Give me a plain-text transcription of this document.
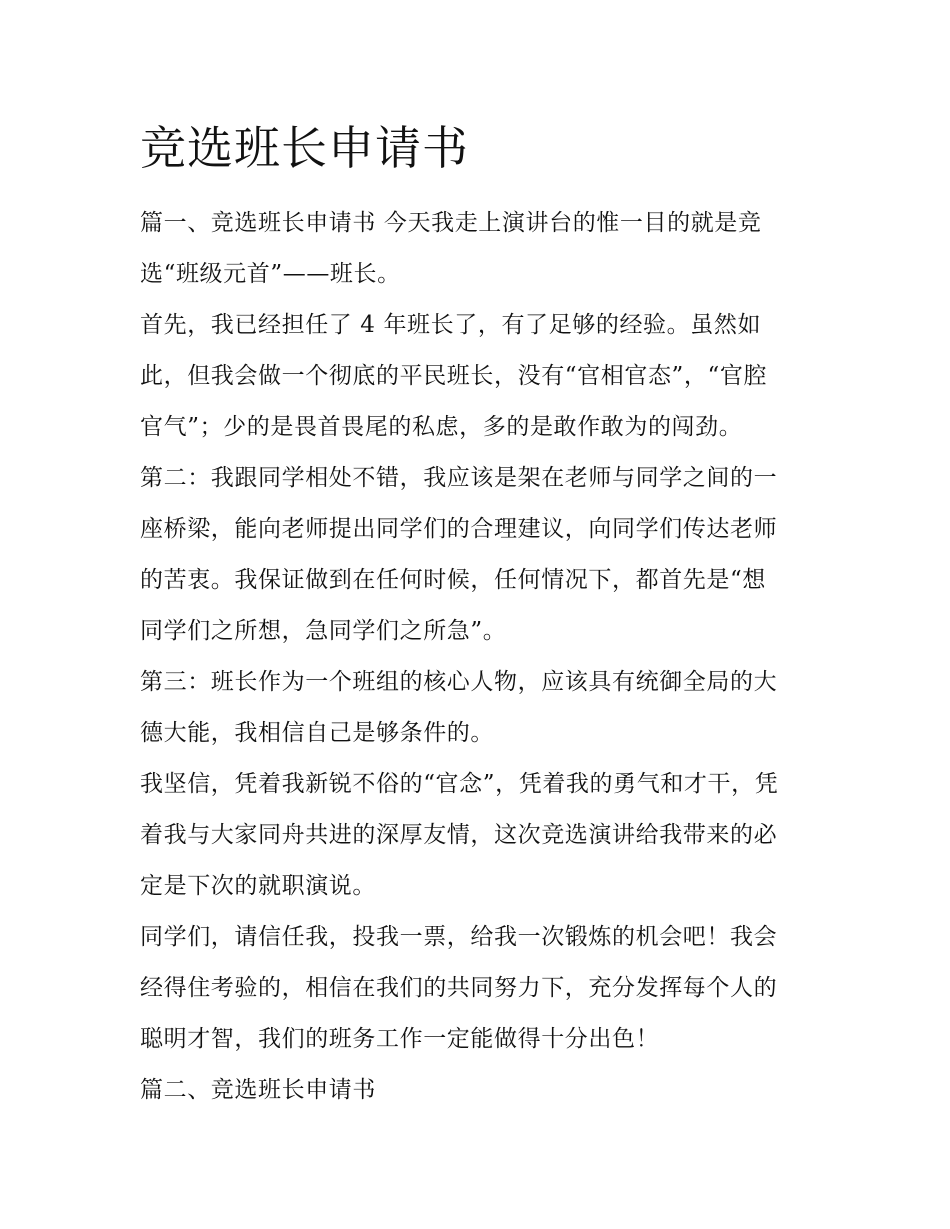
竞选班长申请书
篇一、竞选班长申请书 今天我走上演讲台的惟一目的就是竞
选“班级元首”——班长。
首先，我已经担任了 4 年班长了，有了足够的经验。虽然如
此，但我会做一个彻底的平民班长，没有“官相官态”，“官腔
官气”；少的是畏首畏尾的私虑，多的是敢作敢为的闯劲。
第二：我跟同学相处不错，我应该是架在老师与同学之间的一
座桥梁，能向老师提出同学们的合理建议，向同学们传达老师
的苦衷。我保证做到在任何时候，任何情况下，都首先是“想
同学们之所想，急同学们之所急”。
第三：班长作为一个班组的核心人物，应该具有统御全局的大
德大能，我相信自己是够条件的。
我坚信，凭着我新锐不俗的“官念”，凭着我的勇气和才干，凭
着我与大家同舟共进的深厚友情，这次竞选演讲给我带来的必
定是下次的就职演说。
同学们，请信任我，投我一票，给我一次锻炼的机会吧！我会
经得住考验的，相信在我们的共同努力下，充分发挥每个人的
聪明才智，我们的班务工作一定能做得十分出色！
篇二、竞选班长申请书
